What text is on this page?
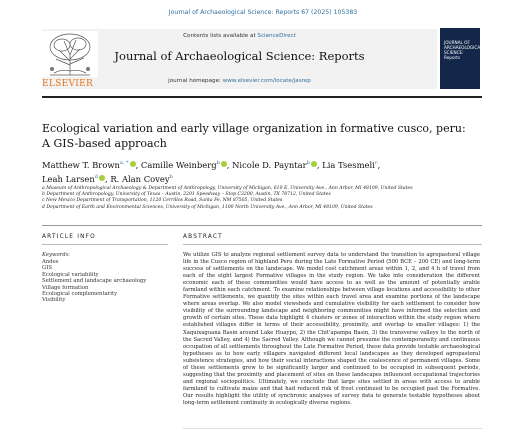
Journal of Archaeological Science: Reports 67 (2025) 105383
Contents lists available at ScienceDirect
Journal of Archaeological Science: Reports
journal homepage: www.elsevier.com/locate/jasrep
ELSEVIER
JOURNAL OF ARCHAEOLOGICAL SCIENCE: Reports
Ecological variation and early village organization in formative cusco, peru:
A GIS-based approach
Matthew T. Brown$^{a, *}$ , Camille Weinberg$^b$ , Nicole D. Payntar$^b$ , Lia Tsesmeli$^c$,
Leah Larsen$^d$ , R. Alan Covey$^b$
a Museum of Anthropological Archaeology & Department of Anthropology, University of Michigan, 610 E. University Ave., Ann Arbor, MI 48109, United States
b Department of Anthropology, University of Texas – Austin, 2201 Speedway – Stop C3200, Austin, TX 78712, United States
c New Mexico Department of Transportation, 1120 Cerrillos Road, Santa Fe, NM 87505, United States
d Department of Earth and Environmental Sciences, University of Michigan, 1100 North University Ave., Ann Arbor, MI 48109, United States
ARTICLE INFO	ABSTRACT
Keywords:
Andes
GIS
Ecological variability
Settlement and landscape archaeology
Village formation
Ecological complementarity
Visibility
We utilize GIS to analyze regional settlement survey data to understand the transition to agropastoral village life in the Cusco region of highland Peru during the Late Formative Period (500 BCE – 200 CE) and long-term success of settlements on the landscape. We model cost catchment areas within 1, 2, and 4 h of travel from each of the eight largest Formative villages in the study region. We take into consideration the different economic each of these communities would have access to as well as the amount of potentially arable farmland within each catchment. To examine relationships between village locations and accessibility to other Formative settlements, we quantify the sites within each travel area and examine portions of the landscape where areas overlap. We also model viewsheds and cumulative visibility for each settlement to consider how visibility of the surrounding landscape and neighboring communities might have informed the selection and growth of certain sites. These data highlight 4 clusters or zones of interaction within the study region where established villages differ in terms of their accessibility, proximity, and overlap to smaller villages: 1) the Xaquixaguana Basin around Lake Huaypo, 2) the Chit'apampa Basin, 3) the transverse valleys to the north of the Sacred Valley, and 4) the Sacred Valley. Although we cannot presume the contemporaneity and continuous occupation of all settlements throughout the Late Formative Period, these data provide testable archaeological hypotheses as to how early villagers navigated different local landscapes as they developed agropastoral subsistence strategies, and how their social interactions shaped the coalescence of permanent villages. Some of these settlements grew to be significantly larger and continued to be occupied in subsequent periods, suggesting that the proximity and placement of sites on these landscapes influenced occupational trajectories and regional sociopolitics. Ultimately, we conclude that large sites settled in areas with access to arable farmland to cultivate maize and that had reduced risk of frost continued to be occupied past the Formative. Our results highlight the utility of synchronic analyses of survey data to generate testable hypotheses about long-term settlement continuity in ecologically diverse regions.
